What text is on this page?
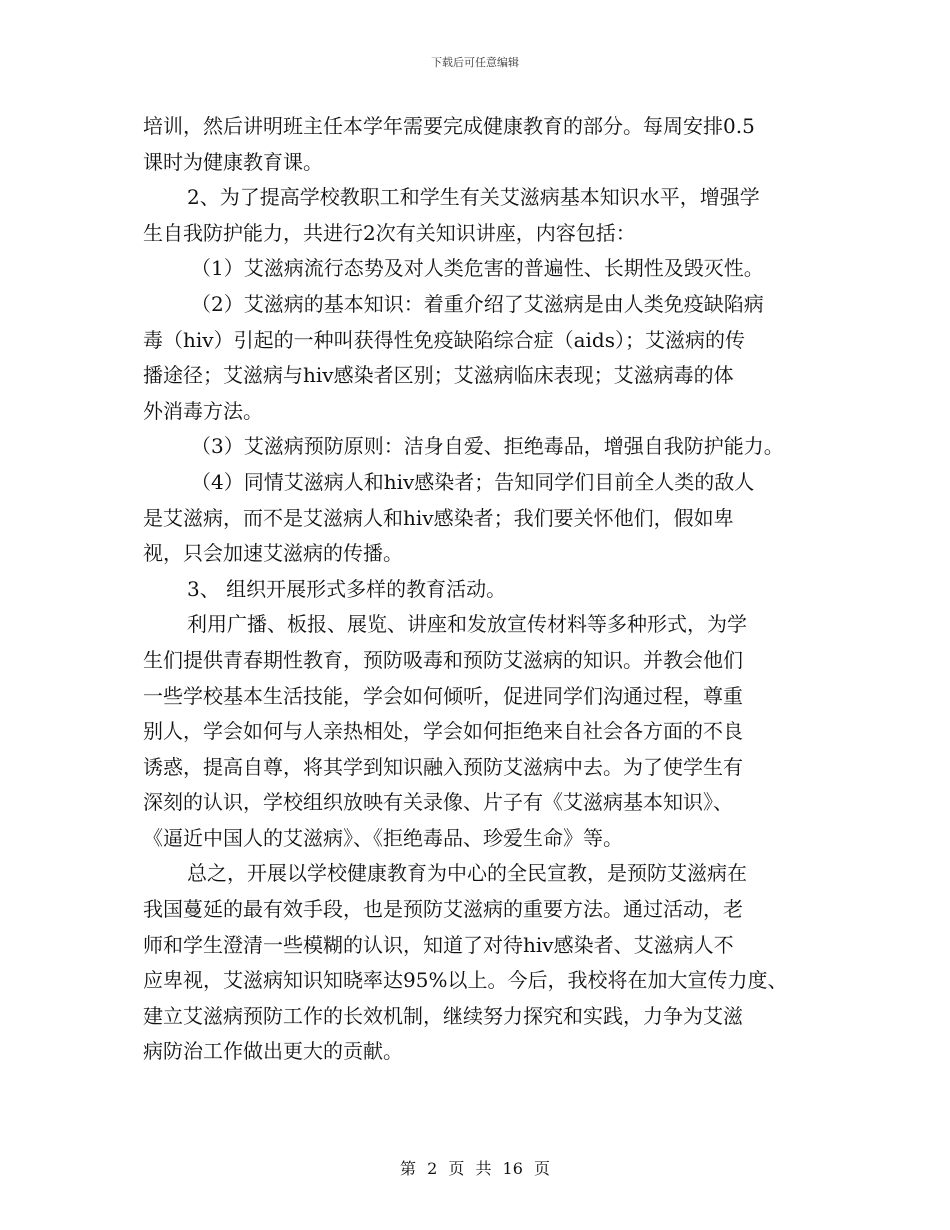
下载后可任意编辑
培训，然后讲明班主任本学年需要完成健康教育的部分。每周安排0.5
课时为健康教育课。
2、为了提高学校教职工和学生有关艾滋病基本知识水平，增强学
生自我防护能力，共进行2次有关知识讲座，内容包括：
（1）艾滋病流行态势及对人类危害的普遍性、长期性及毁灭性。
（2）艾滋病的基本知识：着重介绍了艾滋病是由人类免疫缺陷病
毒（hiv）引起的一种叫获得性免疫缺陷综合症（aids）；艾滋病的传
播途径；艾滋病与hiv感染者区别；艾滋病临床表现；艾滋病毒的体
外消毒方法。
（3）艾滋病预防原则：洁身自爱、拒绝毒品，增强自我防护能力。
（4）同情艾滋病人和hiv感染者；告知同学们目前全人类的敌人
是艾滋病，而不是艾滋病人和hiv感染者；我们要关怀他们，假如卑
视，只会加速艾滋病的传播。
3、 组织开展形式多样的教育活动。
利用广播、板报、展览、讲座和发放宣传材料等多种形式，为学
生们提供青春期性教育，预防吸毒和预防艾滋病的知识。并教会他们
一些学校基本生活技能，学会如何倾听，促进同学们沟通过程，尊重
别人，学会如何与人亲热相处，学会如何拒绝来自社会各方面的不良
诱惑，提高自尊，将其学到知识融入预防艾滋病中去。为了使学生有
深刻的认识，学校组织放映有关录像、片子有《艾滋病基本知识》、
《逼近中国人的艾滋病》、《拒绝毒品、珍爱生命》等。
总之，开展以学校健康教育为中心的全民宣教，是预防艾滋病在
我国蔓延的最有效手段，也是预防艾滋病的重要方法。通过活动，老
师和学生澄清一些模糊的认识，知道了对待hiv感染者、艾滋病人不
应卑视，艾滋病知识知晓率达95%以上。今后，我校将在加大宣传力度、
建立艾滋病预防工作的长效机制，继续努力探究和实践，力争为艾滋
病防治工作做出更大的贡献。
第 2 页 共 16 页
